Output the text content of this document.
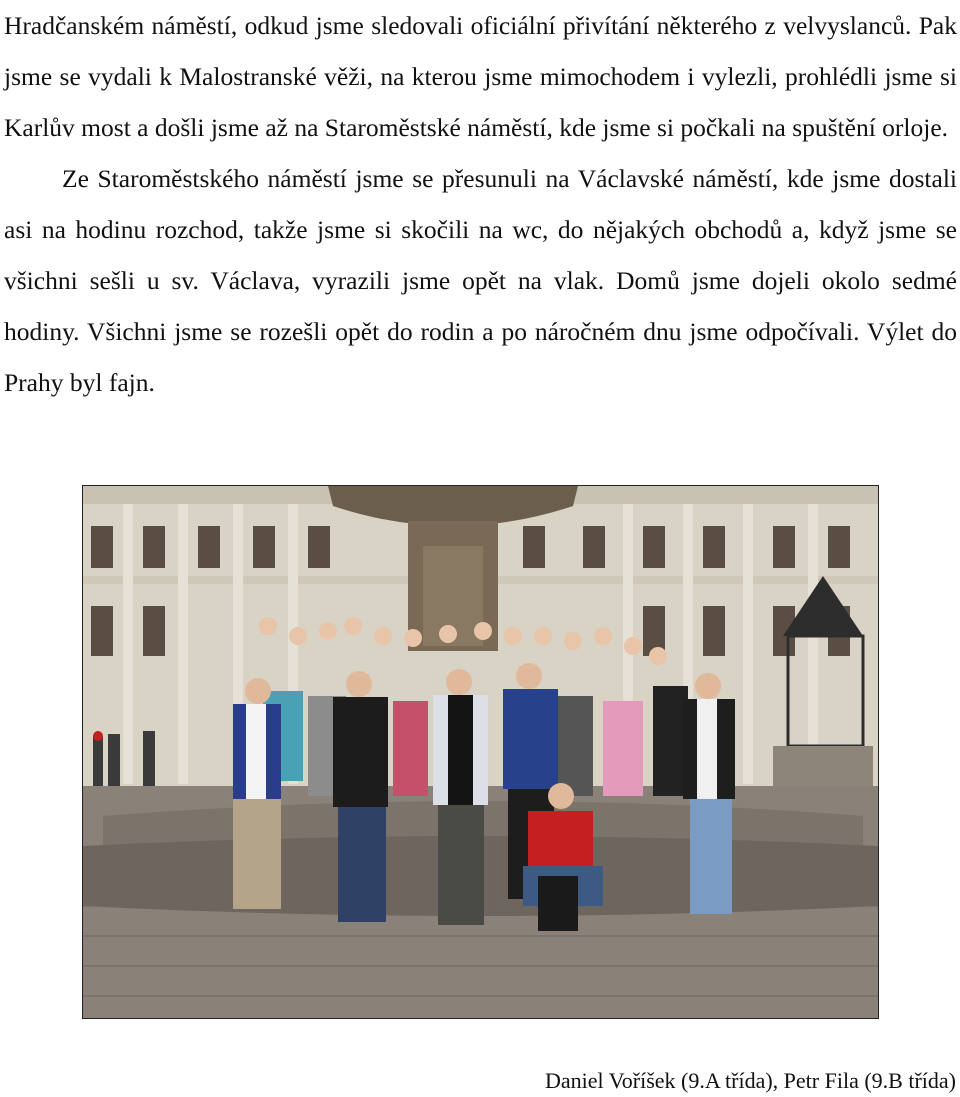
Hradčanském náměstí, odkud jsme sledovali oficiální přivítání některého z velvyslanců. Pak jsme se vydali k Malostranské věži, na kterou jsme mimochodem i vylezli, prohlédli jsme si Karlův most a došli jsme až na Staroměstské náměstí, kde jsme si počkali na spuštění orloje.

Ze Staroměstského náměstí jsme se přesunuli na Václavské náměstí, kde jsme dostali asi na hodinu rozchod, takže jsme si skočili na wc, do nějakých obchodů a, když jsme se všichni sešli u sv. Václava, vyrazili jsme opět na vlak. Domů jsme dojeli okolo sedmé hodiny. Všichni jsme se rozešli opět do rodin a po náročném dnu jsme odpočívali. Výlet do Prahy byl fajn.

Daniel Voříšek (9.A třída), Petr Fila (9.B třída)
